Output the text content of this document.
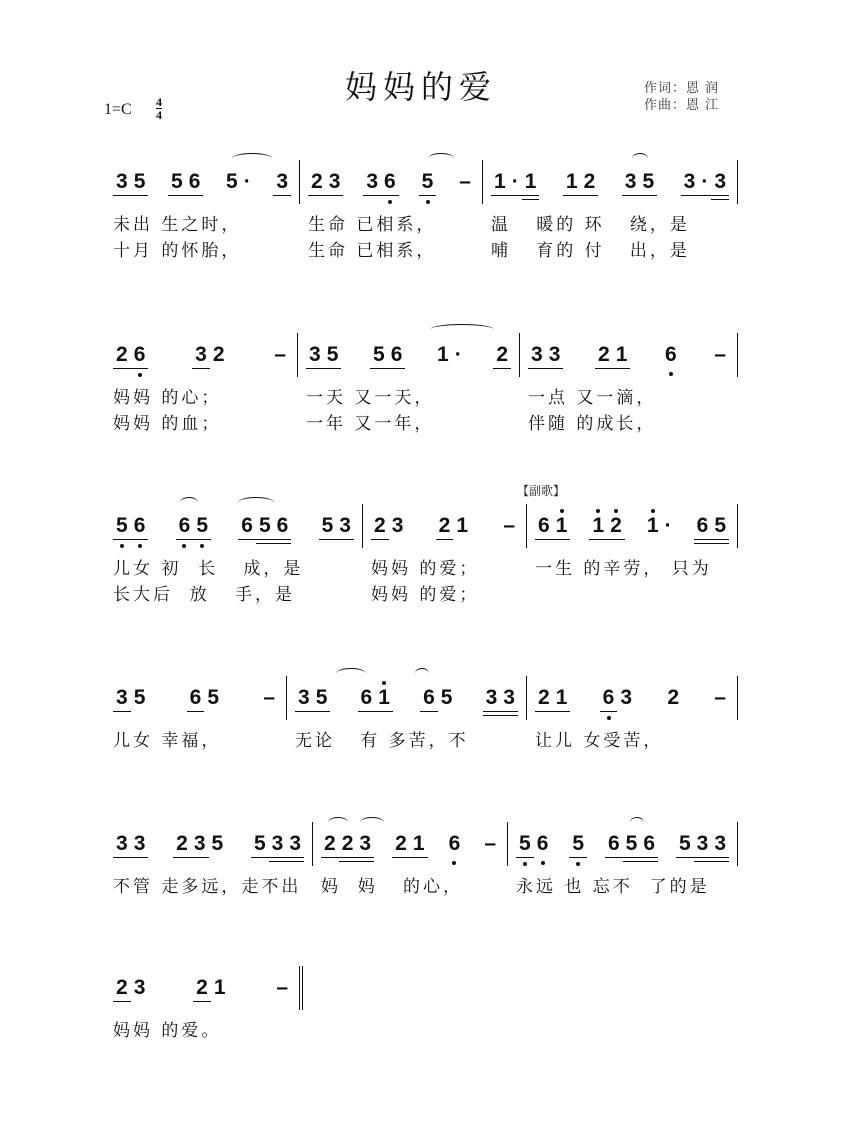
妈妈的爱	作词：恩 润
作曲：恩 江
1=C 4
4
【副歌】
3 5 5 6 5 · 3 2 3 3 6 5 – 1 · 1 1 2 3 5 3 · 3
未出 生之时，	生命 已相系，	温   暖的 环   绕，是
十月 的怀胎，	生命 已相系，	哺   育的 付   出，是
2 6 3 2 – 3 5 5 6 1 · 2 3 3 2 1 6 –
妈妈 的心；	一天 又一天，	一点 又一滴，
妈妈 的血；	一年 又一年，	伴随 的成长，
5 6 6 5 6 5 6 5 3 2 3 2 1 – 6 1 1 2 1 · 6 5
儿女 初  长   成，是	妈妈 的爱；	一生 的辛劳， 只为
长大后  放   手，是	妈妈 的爱；
3 5 6 5 – 3 5 6 1 6 5 3 3 2 1 6 3 2 –
儿女 幸福，	无论   有 多苦，不	让儿 女受苦，
3 3 2 3 5 5 3 3 2 2 3 2 1 6 – 5 6 5 6 5 6 5 3 3
不管 走多远，走不出	妈  妈   的心，	永远 也 忘不  了的是
2 3 2 1 –
妈妈 的爱。
